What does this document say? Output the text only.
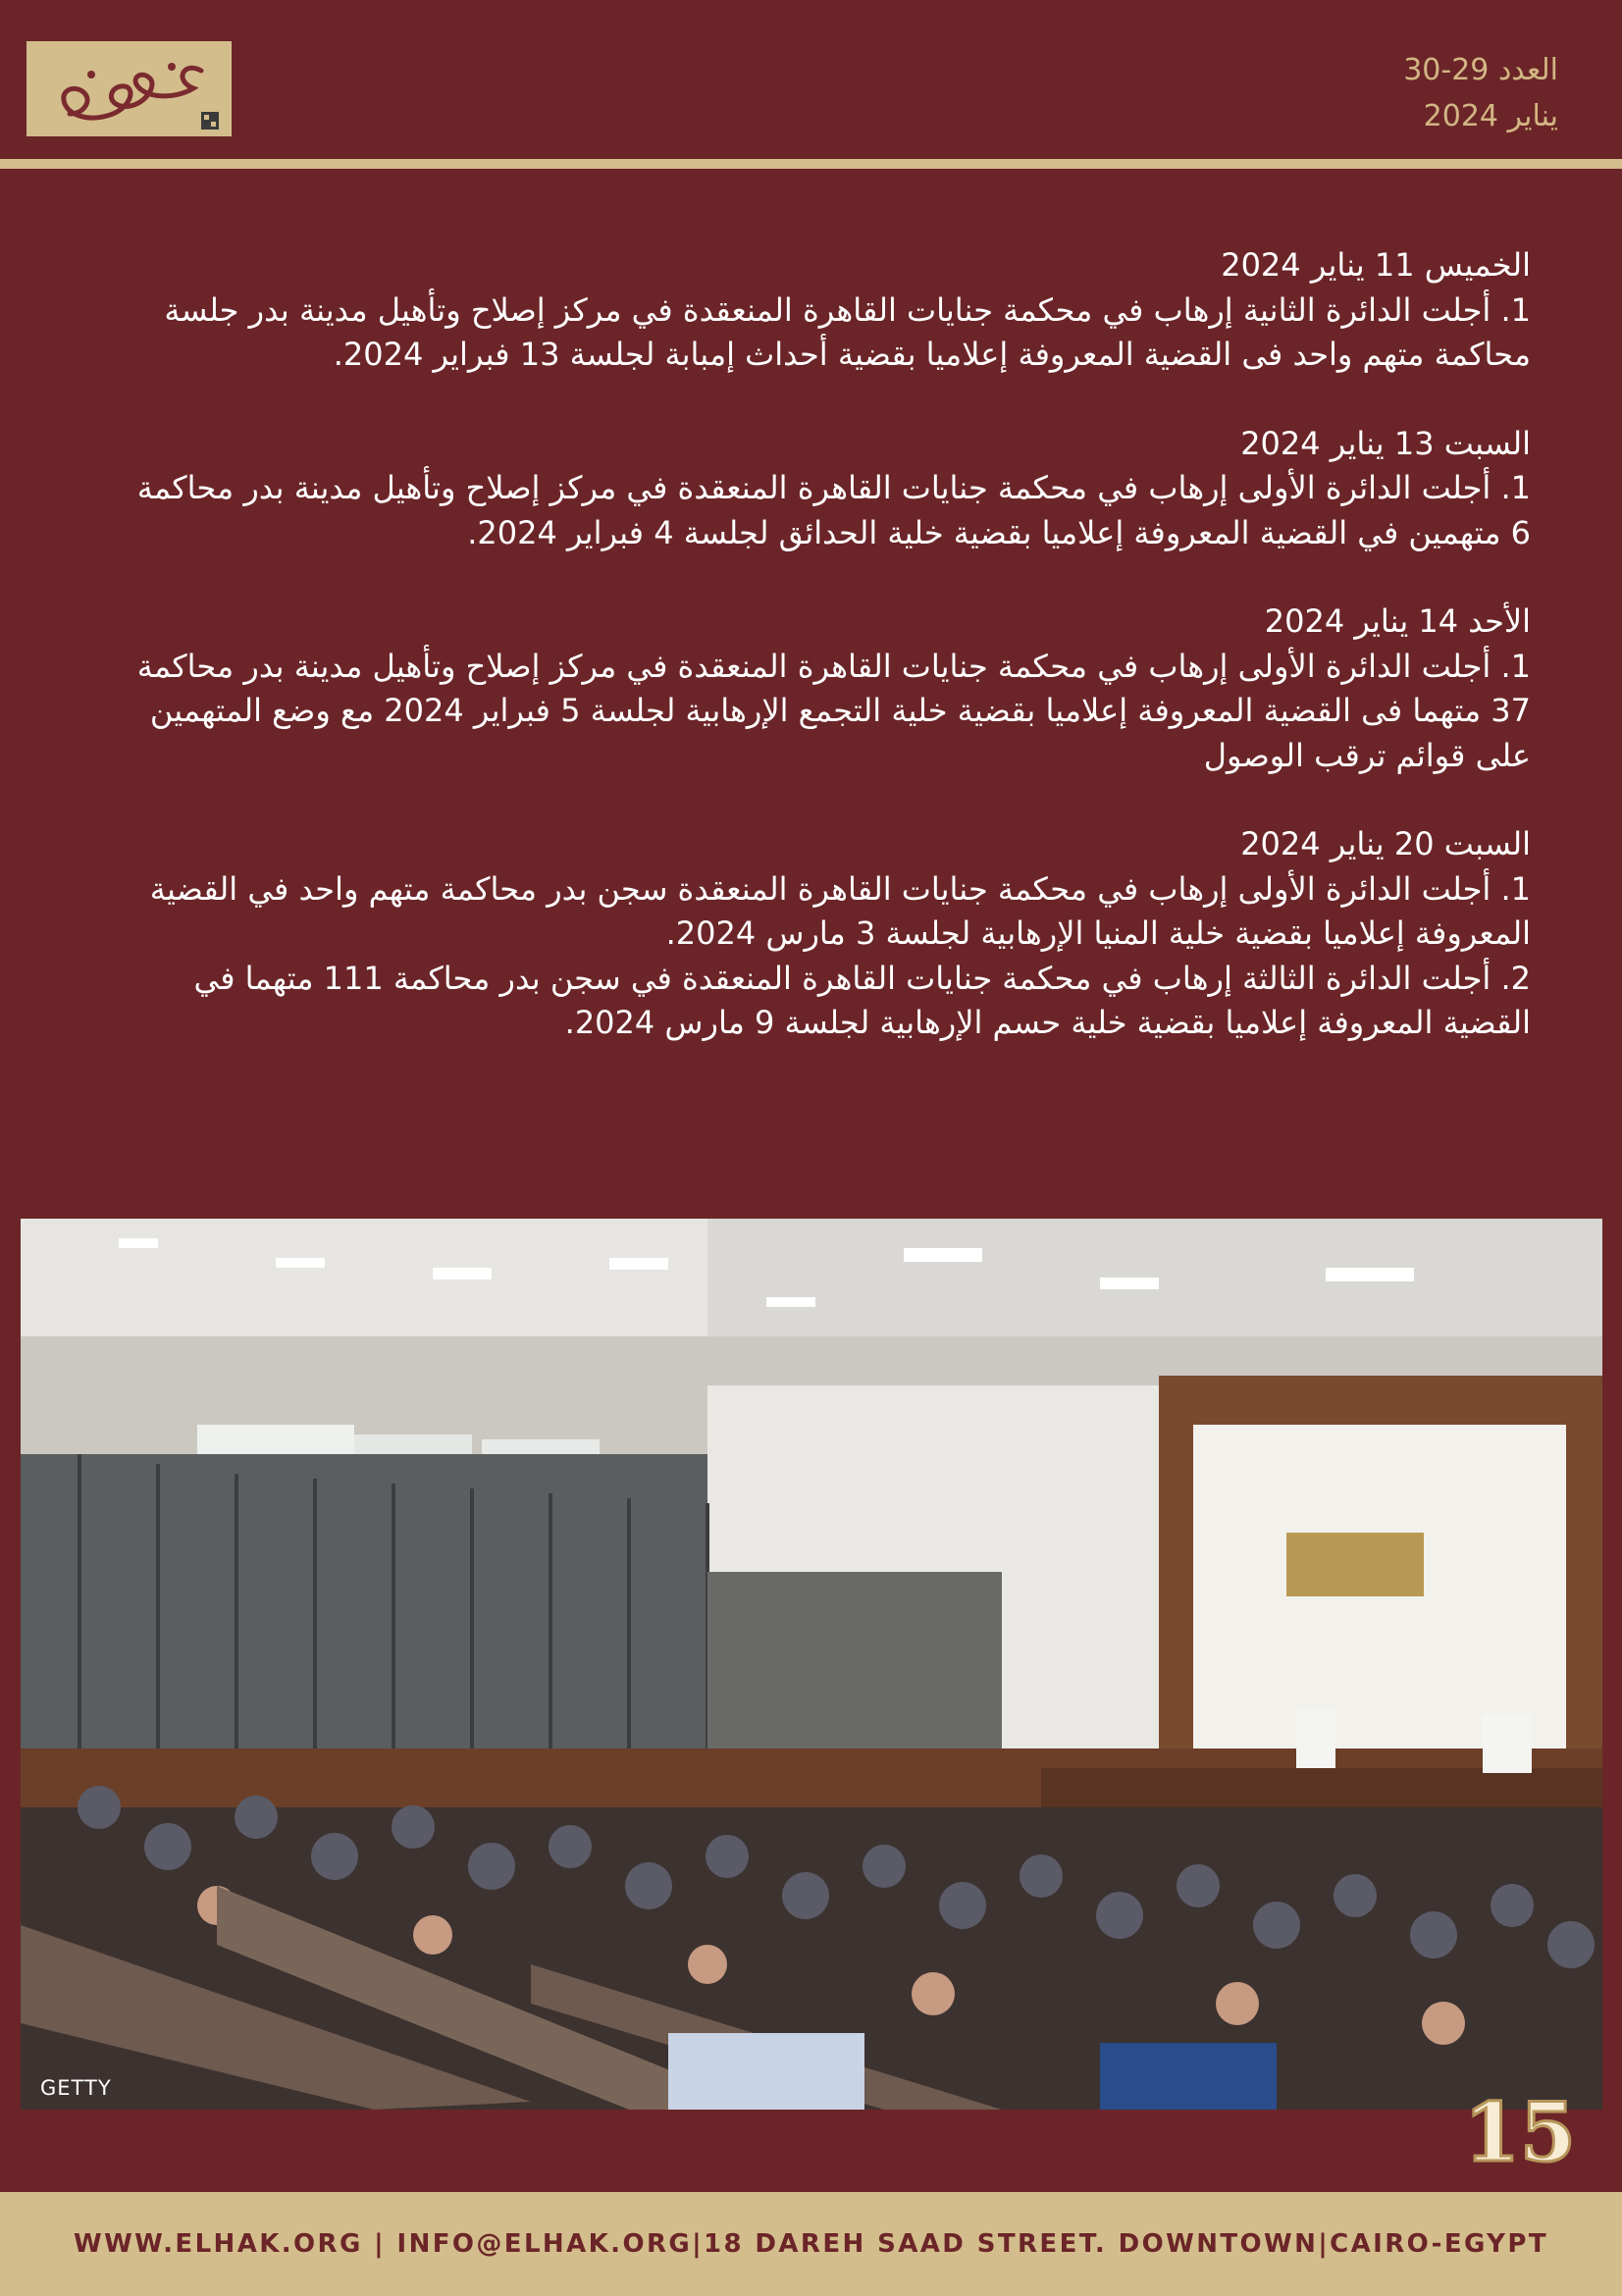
العدد 29-30
يناير 2024

الخميس 11 يناير 2024

1. أجلت الدائرة الثانية إرهاب في محكمة جنايات القاهرة المنعقدة في مركز إصلاح وتأهيل مدينة بدر جلسة محاكمة متهم واحد فى القضية المعروفة إعلاميا بقضية أحداث إمبابة لجلسة 13 فبراير 2024.

السبت 13 يناير 2024

1. أجلت الدائرة الأولى إرهاب في محكمة جنايات القاهرة المنعقدة في مركز إصلاح وتأهيل مدينة بدر محاكمة 6 متهمين في القضية المعروفة إعلاميا بقضية خلية الحدائق لجلسة 4 فبراير 2024.

الأحد 14 يناير 2024

1. أجلت الدائرة الأولى إرهاب في محكمة جنايات القاهرة المنعقدة في مركز إصلاح وتأهيل مدينة بدر محاكمة 37 متهما فى القضية المعروفة إعلاميا بقضية خلية التجمع الإرهابية لجلسة 5 فبراير 2024 مع وضع المتهمين على قوائم ترقب الوصول

السبت 20 يناير 2024

1. أجلت الدائرة الأولى إرهاب في محكمة جنايات القاهرة المنعقدة سجن بدر محاكمة متهم واحد في القضية المعروفة إعلاميا بقضية خلية المنيا الإرهابية لجلسة 3 مارس 2024.

2. أجلت الدائرة الثالثة إرهاب في محكمة جنايات القاهرة المنعقدة في سجن بدر محاكمة 111 متهما في القضية المعروفة إعلاميا بقضية خلية حسم الإرهابية لجلسة 9 مارس 2024.

GETTY	15
WWW.ELHAK.ORG | INFO@ELHAK.ORG|18 DAREH SAAD STREET. DOWNTOWN|CAIRO-EGYPT
